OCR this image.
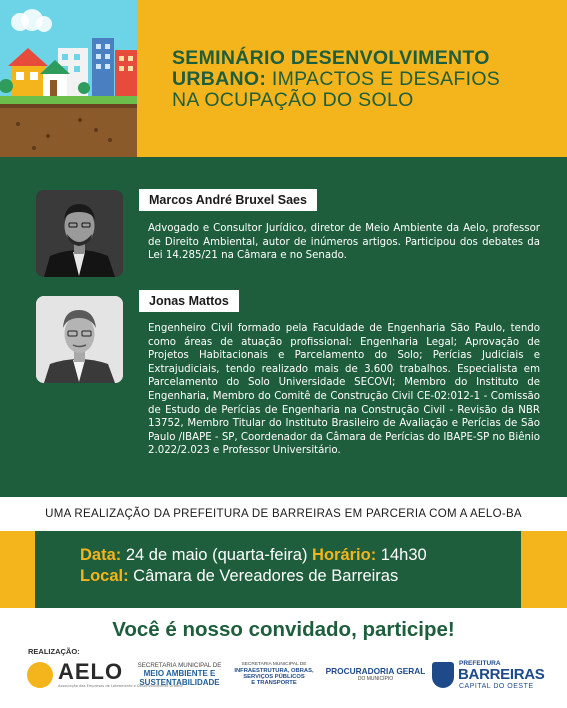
SEMINÁRIO DESENVOLVIMENTO
URBANO: IMPACTOS E DESAFIOS
NA OCUPAÇÃO DO SOLO
Marcos André Bruxel Saes
Advogado e Consultor Jurídico, diretor de Meio Ambiente da Aelo, professor de Direito Ambiental, autor de inúmeros artigos. Participou dos debates da Lei 14.285/21 na Câmara e no Senado.
Jonas Mattos
Engenheiro Civil formado pela Faculdade de Engenharia São Paulo, tendo como áreas de atuação profissional: Engenharia Legal; Aprovação de Projetos Habitacionais e Parcelamento do Solo; Perícias Judiciais e Extrajudiciais, tendo realizado mais de 3.600 trabalhos. Especialista em Parcelamento do Solo Universidade SECOVI; Membro do Instituto de Engenharia, Membro do Comitê de Construção Civil CE-02:012-1 - Comissão de Estudo de Perícias de Engenharia na Construção Civil - Revisão da NBR 13752, Membro Titular do Instituto Brasileiro de Avaliação e Perícias de São Paulo /IBAPE - SP, Coordenador da Câmara de Perícias do IBAPE-SP no Biênio 2.022/2.023 e Professor Universitário.
UMA REALIZAÇÃO DA PREFEITURA DE BARREIRAS EM PARCERIA COM A AELO-BA
Data: 24 de maio (quarta-feira) Horário: 14h30
Local: Câmara de Vereadores de Barreiras
Você é nosso convidado, participe!
REALIZAÇÃO:
AELO
Associação das Empresas de Loteamento e Desenvolvimento Urbano
SECRETARIA MUNICIPAL DE
MEIO AMBIENTE E
SUSTENTABILIDADE
SECRETARIA MUNICIPAL DE
INFRAESTRUTURA, OBRAS,
SERVIÇOS PÚBLICOS
E TRANSPORTE
PROCURADORIA GERAL
DO MUNICÍPIO
PREFEITURA
BARREIRAS
CAPITAL DO OESTE
